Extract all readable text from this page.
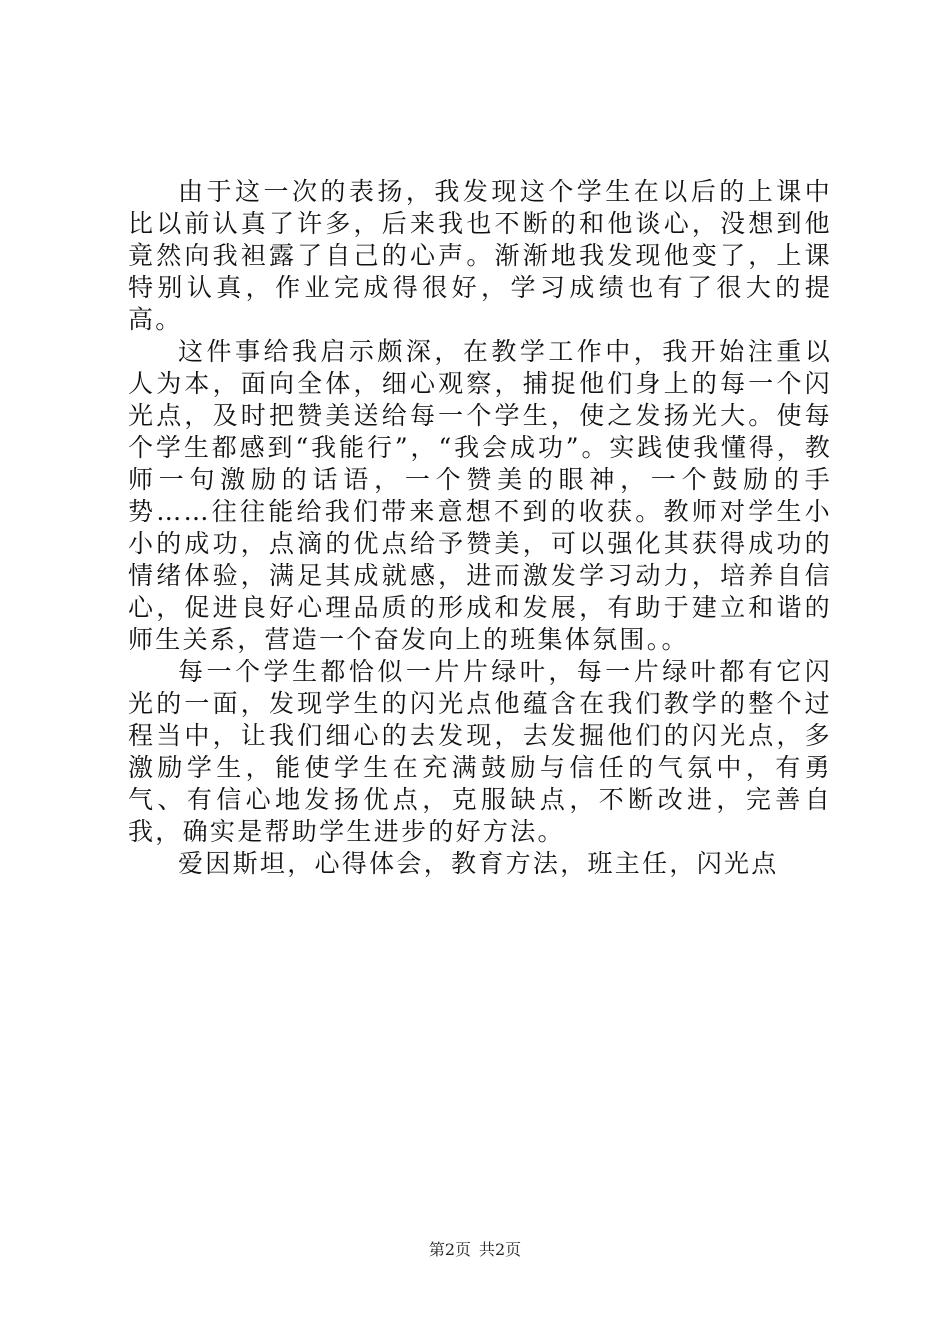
由于这一次的表扬，我发现这个学生在以后的上课中比以前认真了许多，后来我也不断的和他谈心，没想到他竟然向我袒露了自己的心声。渐渐地我发现他变了，上课特别认真，作业完成得很好，学习成绩也有了很大的提高。

这件事给我启示颇深，在教学工作中，我开始注重以人为本，面向全体，细心观察，捕捉他们身上的每一个闪光点，及时把赞美送给每一个学生，使之发扬光大。使每个学生都感到“我能行”，“我会成功”。实践使我懂得，教师一句激励的话语，一个赞美的眼神，一个鼓励的手势……往往能给我们带来意想不到的收获。教师对学生小小的成功，点滴的优点给予赞美，可以强化其获得成功的情绪体验，满足其成就感，进而激发学习动力，培养自信心，促进良好心理品质的形成和发展，有助于建立和谐的师生关系，营造一个奋发向上的班集体氛围。。

每一个学生都恰似一片片绿叶，每一片绿叶都有它闪光的一面，发现学生的闪光点他蕴含在我们教学的整个过程当中，让我们细心的去发现，去发掘他们的闪光点，多激励学生，能使学生在充满鼓励与信任的气氛中，有勇气、有信心地发扬优点，克服缺点，不断改进，完善自我，确实是帮助学生进步的好方法。

爱因斯坦，心得体会，教育方法，班主任，闪光点

第2页 共2页
